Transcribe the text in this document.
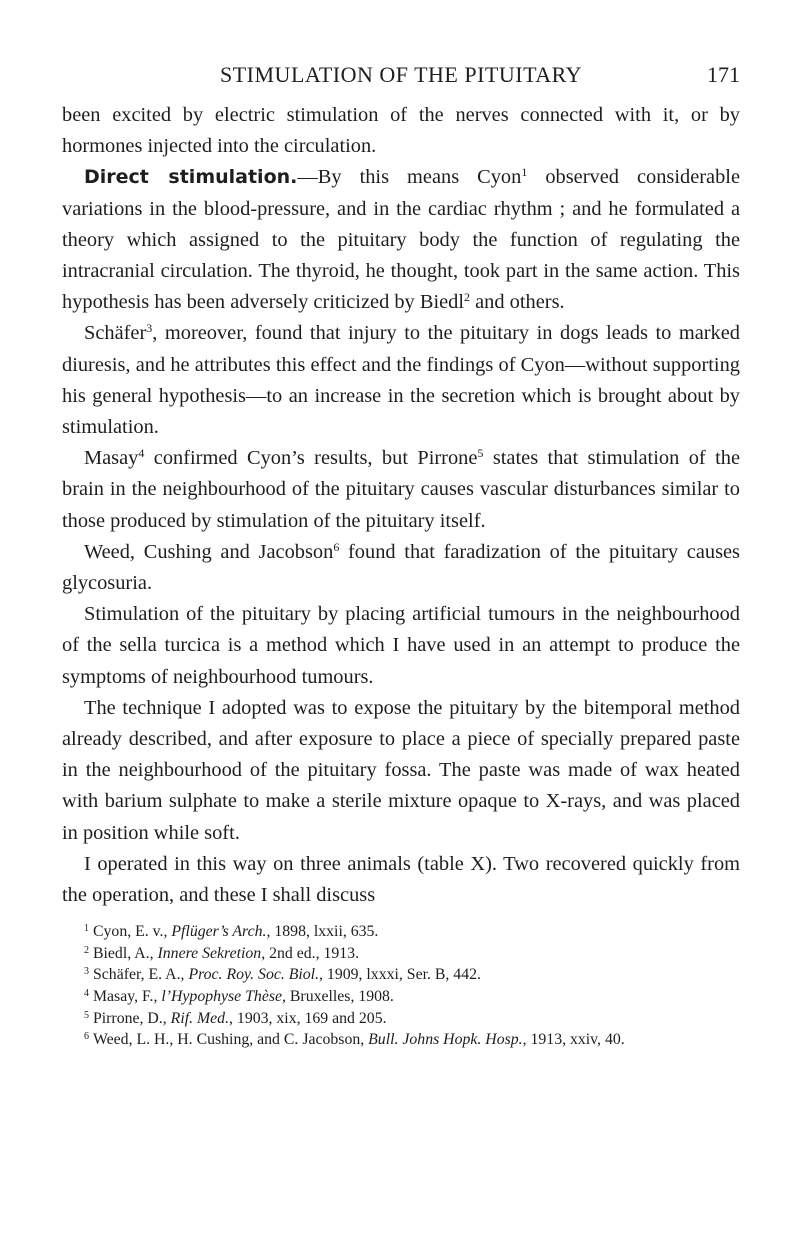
STIMULATION OF THE PITUITARY	171

been excited by electric stimulation of the nerves connected with it, or by hormones injected into the circulation.

Direct stimulation.—By this means Cyon$^1$ observed considerable variations in the blood-pressure, and in the cardiac rhythm ; and he formulated a theory which assigned to the pituitary body the function of regulating the intracranial circulation. The thyroid, he thought, took part in the same action. This hypothesis has been adversely criticized by Biedl$^2$ and others.

Schäfer$^3$, moreover, found that injury to the pituitary in dogs leads to marked diuresis, and he attributes this effect and the findings of Cyon—without supporting his general hypothesis—to an increase in the secretion which is brought about by stimulation.

Masay$^4$ confirmed Cyon’s results, but Pirrone$^5$ states that stimulation of the brain in the neighbourhood of the pituitary causes vascular disturbances similar to those produced by stimulation of the pituitary itself.

Weed, Cushing and Jacobson$^6$ found that faradization of the pituitary causes glycosuria.

Stimulation of the pituitary by placing artificial tumours in the neighbourhood of the sella turcica is a method which I have used in an attempt to produce the symptoms of neighbourhood tumours.

The technique I adopted was to expose the pituitary by the bitemporal method already described, and after exposure to place a piece of specially prepared paste in the neighbourhood of the pituitary fossa. The paste was made of wax heated with barium sulphate to make a sterile mixture opaque to X-rays, and was placed in position while soft.

I operated in this way on three animals (table X). Two recovered quickly from the operation, and these I shall discuss

$^1$ Cyon, E. v., Pflüger’s Arch., 1898, lxxii, 635.
$^2$ Biedl, A., Innere Sekretion, 2nd ed., 1913.
$^3$ Schäfer, E. A., Proc. Roy. Soc. Biol., 1909, lxxxi, Ser. B, 442.
$^4$ Masay, F., l’Hypophyse Thèse, Bruxelles, 1908.
$^5$ Pirrone, D., Rif. Med., 1903, xix, 169 and 205.
$^6$ Weed, L. H., H. Cushing, and C. Jacobson, Bull. Johns Hopk. Hosp., 1913, xxiv, 40.
